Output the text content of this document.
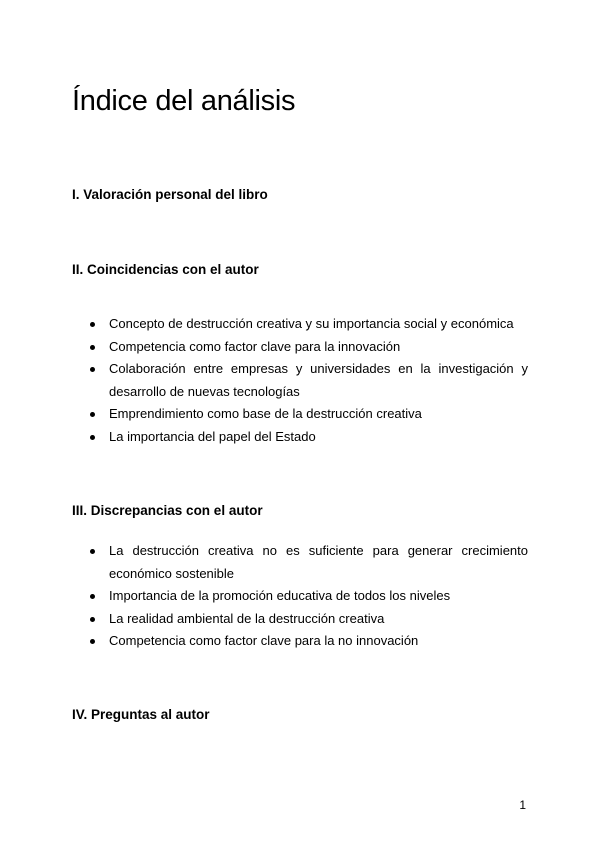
Índice del análisis
I. Valoración personal del libro
II. Coincidencias con el autor
Concepto de destrucción creativa y su importancia social y económica
Competencia como factor clave para la innovación
Colaboración entre empresas y universidades en la investigación y desarrollo de nuevas tecnologías
Emprendimiento como base de la destrucción creativa
La importancia del papel del Estado
III. Discrepancias con el autor
La destrucción creativa no es suficiente para generar crecimiento económico sostenible
Importancia de la promoción educativa de todos los niveles
La realidad ambiental de la destrucción creativa
Competencia como factor clave para la no innovación
IV. Preguntas al autor
1
